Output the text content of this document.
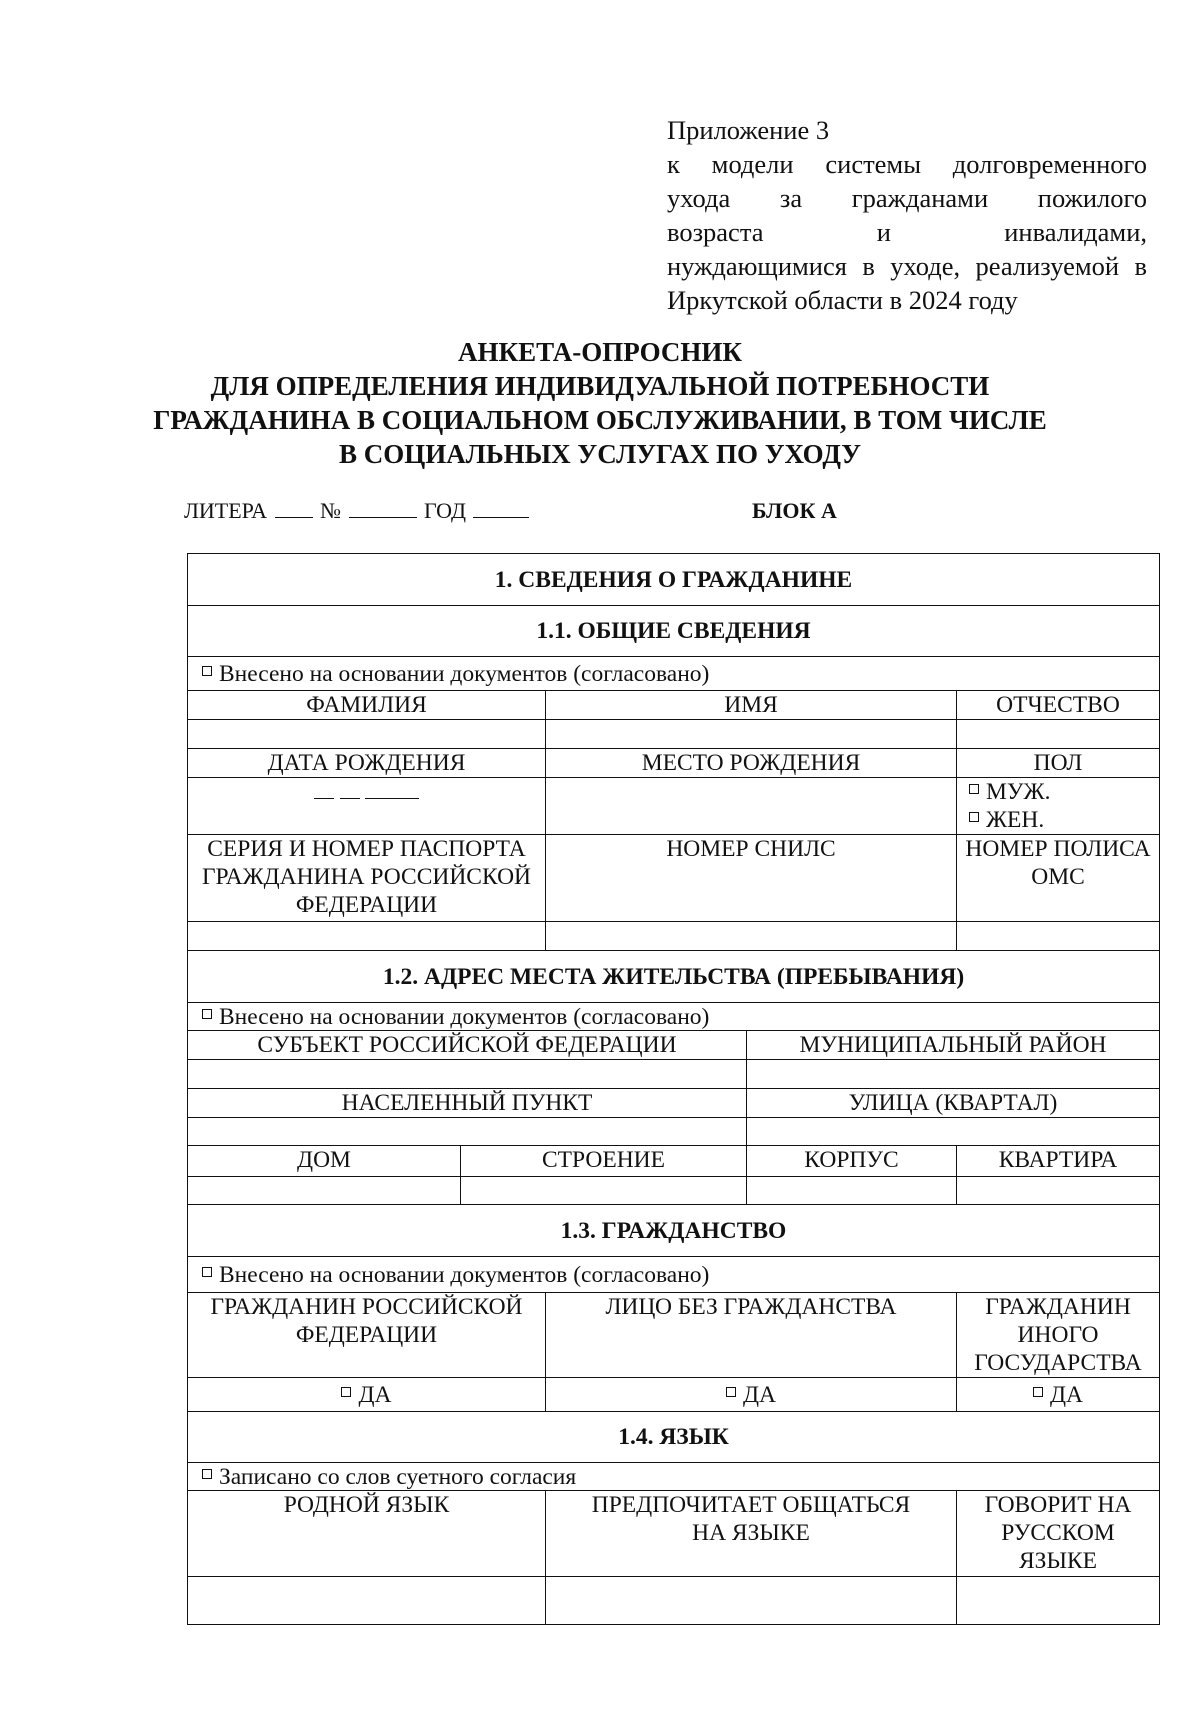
Приложение 3
к модели системы долговременного
ухода за гражданами пожилого
возраста и инвалидами,
нуждающимися в уходе, реализуемой в
Иркутской области в 2024 году
АНКЕТА-ОПРОСНИК
ДЛЯ ОПРЕДЕЛЕНИЯ ИНДИВИДУАЛЬНОЙ ПОТРЕБНОСТИ
ГРАЖДАНИНА В СОЦИАЛЬНОМ ОБСЛУЖИВАНИИ, В ТОМ ЧИСЛЕ
В СОЦИАЛЬНЫХ УСЛУГАХ ПО УХОДУ
ЛИТЕРА №	ГОД	БЛОК А
1. СВЕДЕНИЯ О ГРАЖДАНИНЕ				
1.1. ОБЩИЕ СВЕДЕНИЯ				
Внесено на основании документов (согласовано)				
ФАМИЛИЯ		ИМЯ		ОТЧЕСТВО

ДАТА РОЖДЕНИЯ		МЕСТО РОЖДЕНИЯ		ПОЛ
				МУЖ.  ЖЕН.
СЕРИЯ И НОМЕР ПАСПОРТА ГРАЖДАНИНА РОССИЙСКОЙ ФЕДЕРАЦИИ		НОМЕР СНИЛС		НОМЕР ПОЛИСА ОМС

1.2. АДРЕС МЕСТА ЖИТЕЛЬСТВА (ПРЕБЫВАНИЯ)				
Внесено на основании документов (согласовано)				
СУБЪЕКТ РОССИЙСКОЙ ФЕДЕРАЦИИ			МУНИЦИПАЛЬНЫЙ РАЙОН	

НАСЕЛЕННЫЙ ПУНКТ			УЛИЦА (КВАРТАЛ)	

ДОМ	СТРОЕНИЕ		КОРПУС	КВАРТИРА

1.3. ГРАЖДАНСТВО				
Внесено на основании документов (согласовано)				
ГРАЖДАНИН РОССИЙСКОЙ ФЕДЕРАЦИИ		ЛИЦО БЕЗ ГРАЖДАНСТВА		ГРАЖДАНИН ИНОГО ГОСУДАРСТВА
ДА		ДА		ДА
1.4. ЯЗЫК				
Записано со слов суетного согласия				
РОДНОЙ ЯЗЫК		ПРЕДПОЧИТАЕТ ОБЩАТЬСЯ НА ЯЗЫКЕ		ГОВОРИТ НА РУССКОМ ЯЗЫКЕ
